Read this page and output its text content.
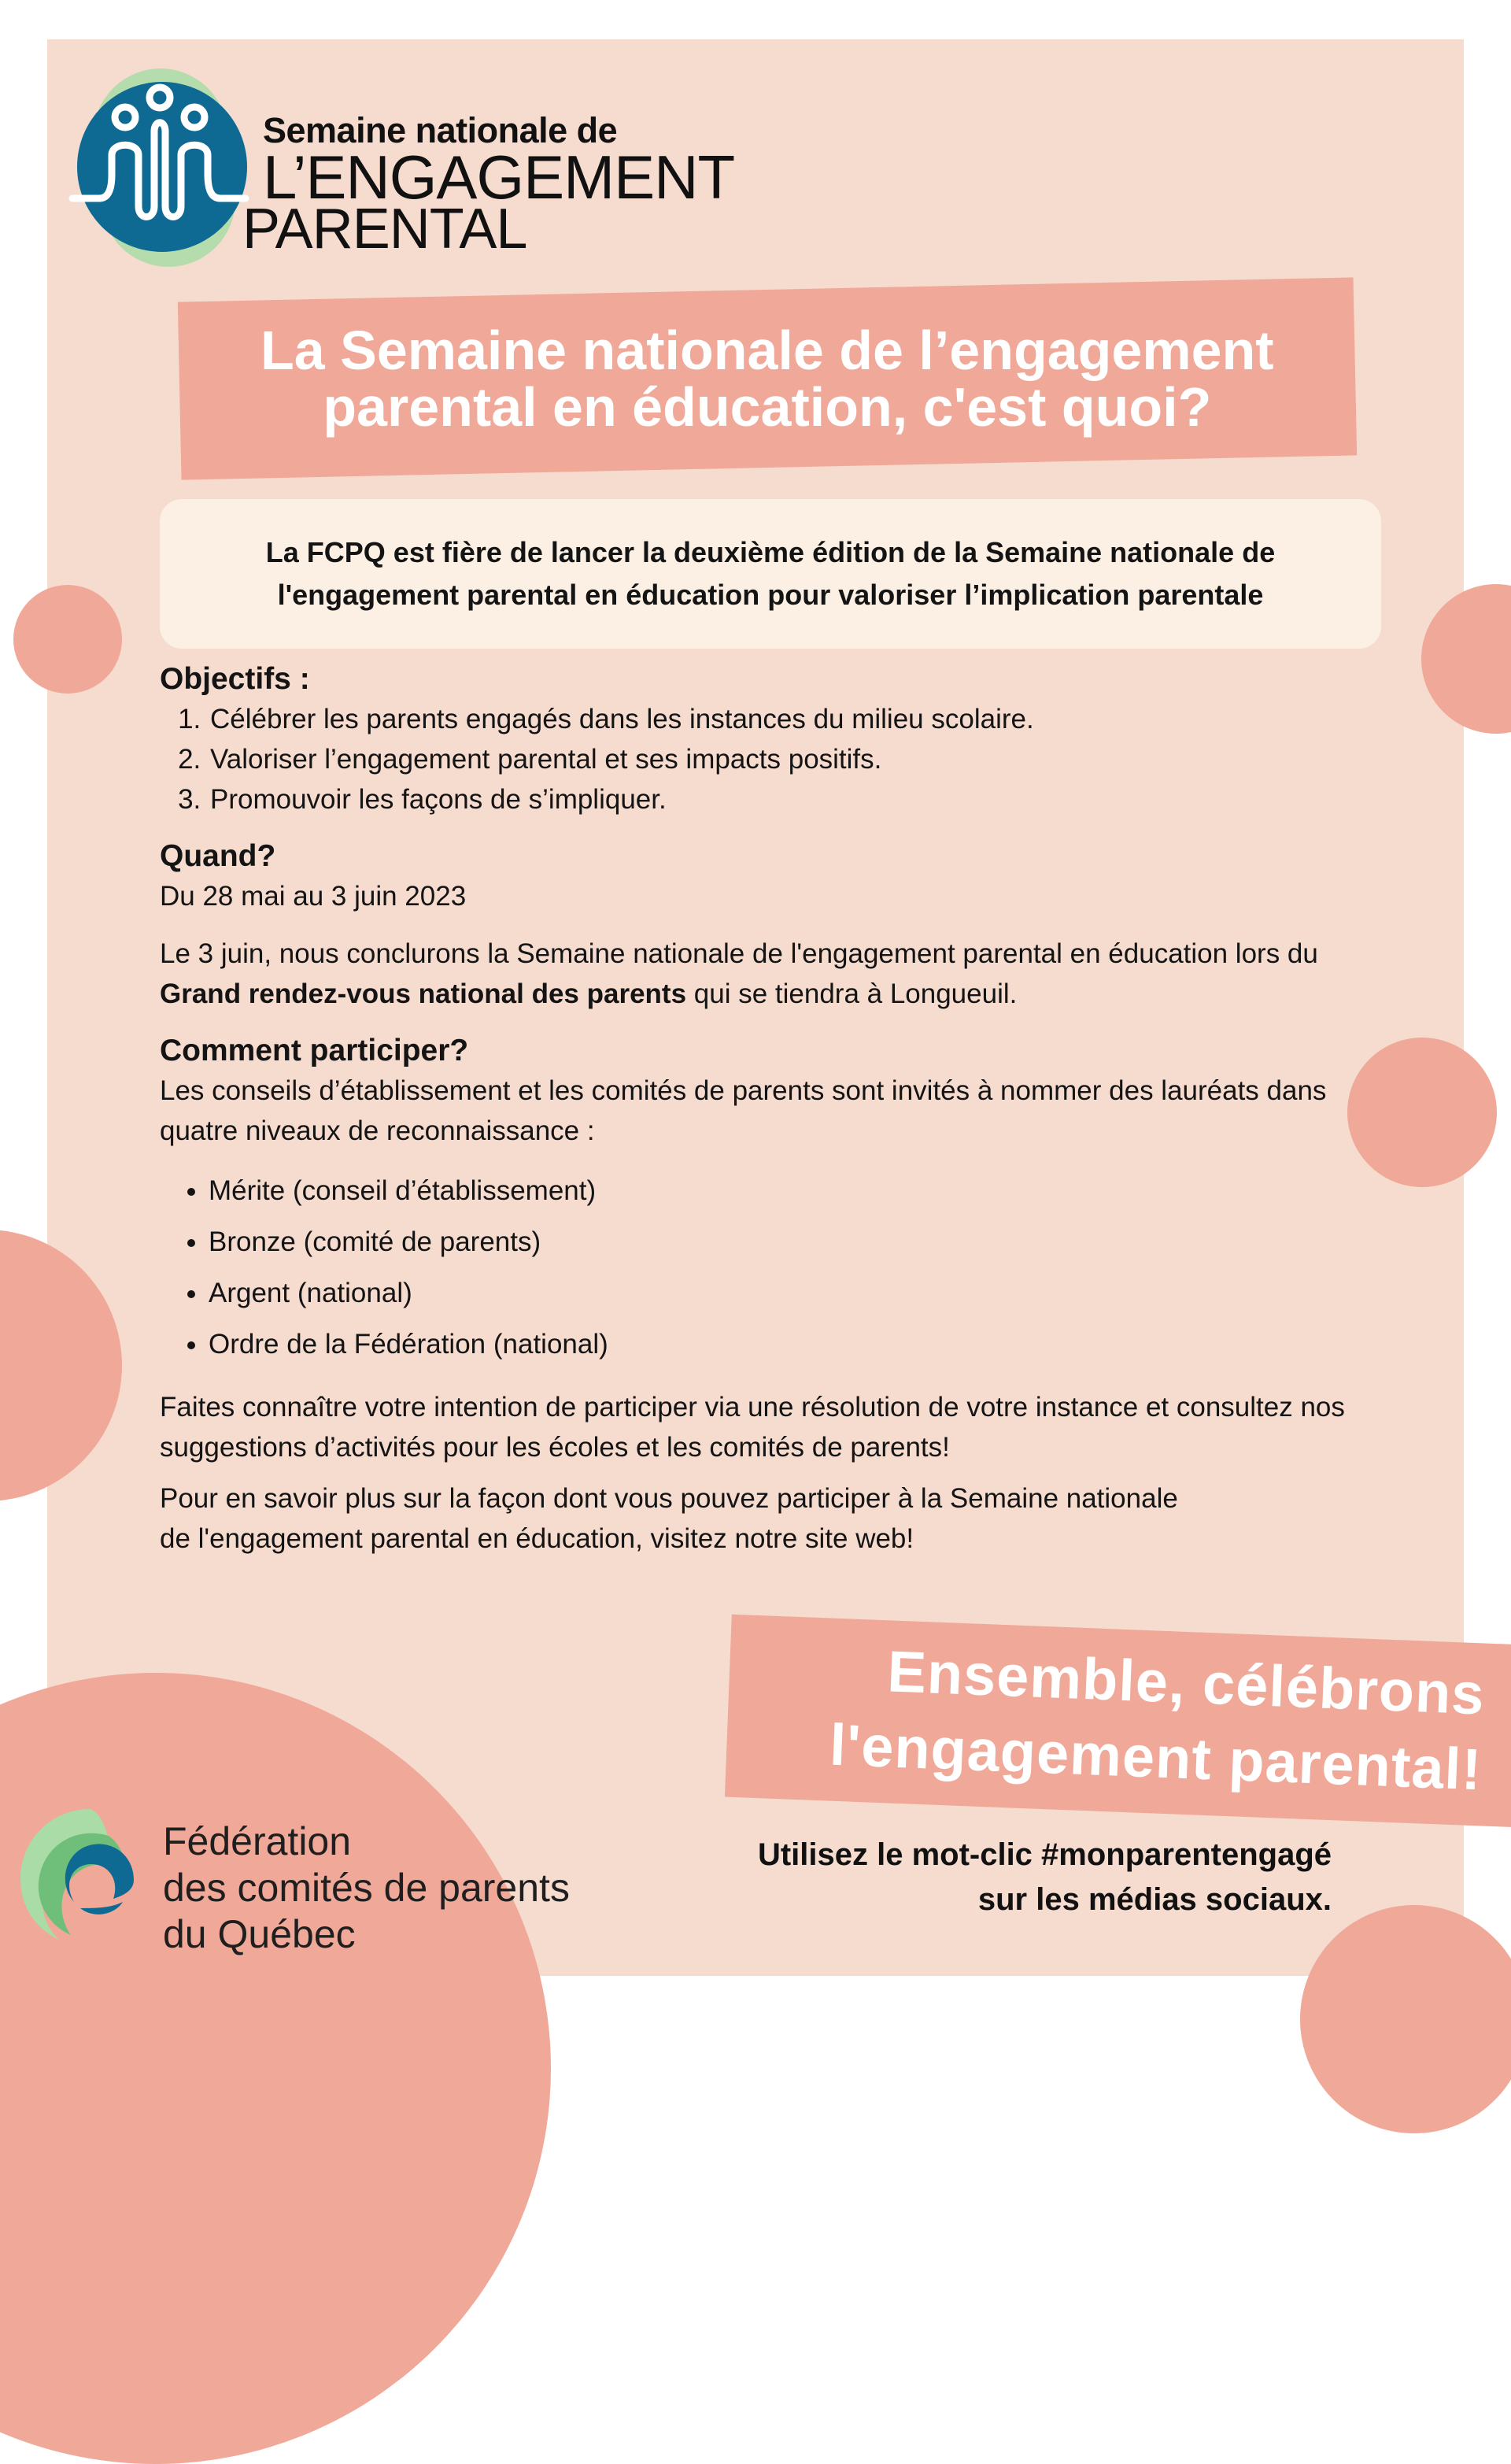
Semaine nationale de
L’ENGAGEMENT
PARENTAL
La Semaine nationale de l’engagement
parental en éducation, c'est quoi?

La FCPQ est fière de lancer la deuxième édition de la Semaine nationale de l'engagement parental en éducation pour valoriser l’implication parentale

Objectifs :
1. Célébrer les parents engagés dans les instances du milieu scolaire.
2. Valoriser l’engagement parental et ses impacts positifs.
3. Promouvoir les façons de s’impliquer.
Quand?

Du 28 mai au 3 juin 2023

Le 3 juin, nous conclurons la Semaine nationale de l'engagement parental en éducation lors du Grand rendez-vous national des parents qui se tiendra à Longueuil.

Comment participer?

Les conseils d’établissement et les comités de parents sont invités à nommer des lauréats dans quatre niveaux de reconnaissance :

• Mérite (conseil d’établissement)
• Bronze (comité de parents)
• Argent (national)
• Ordre de la Fédération (national)

Faites connaître votre intention de participer via une résolution de votre instance et consultez nos suggestions d’activités pour les écoles et les comités de parents!

Pour en savoir plus sur la façon dont vous pouvez participer à la Semaine nationale
de l'engagement parental en éducation, visitez notre site web!

Ensemble, célébrons
l'engagement parental!
Utilisez le mot-clic #monparentengagé
sur les médias sociaux.
Fédération
des comités de parents
du Québec
